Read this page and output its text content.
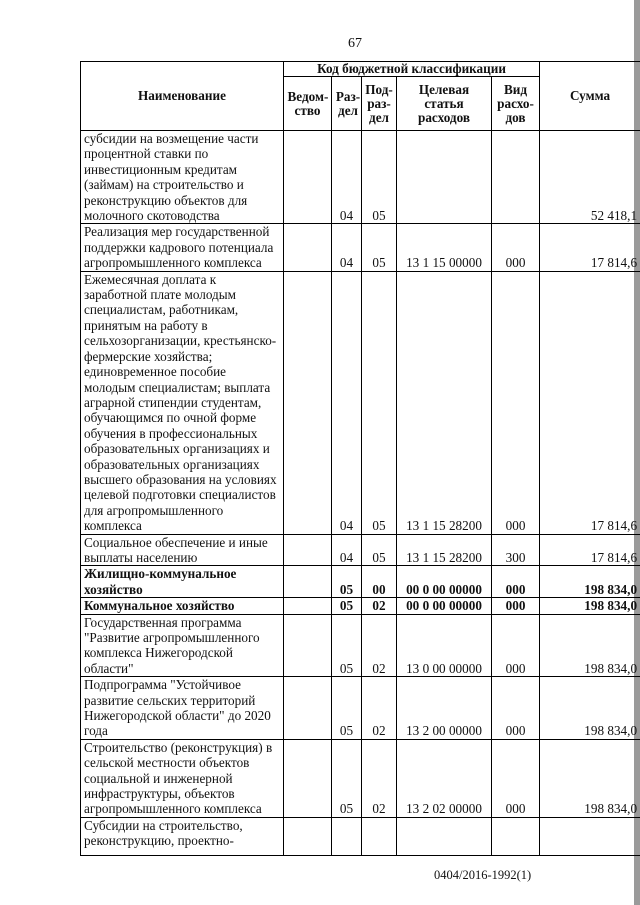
67
Наименование	Код бюджетной классификации					Сумма

	Ведом-ство	Раз-дел	Под-раз-дел	Целевая статья расходов	Вид расхо-дов	

субсидии на возмещение части процентной ставки по инвестиционным кредитам (займам) на строительство и реконструкцию объектов для молочного скотоводства		04	05			52 418,1
Реализация мер государственной поддержки кадрового потенциала агропромышленного комплекса		04	05	13 1 15 00000	000	17 814,6
Ежемесячная доплата к заработной плате молодым специалистам, работникам, принятым на работу в сельхозорганизации, крестьянско-фермерские хозяйства; единовременное пособие молодым специалистам; выплата аграрной стипендии студентам, обучающимся по очной форме обучения в профессиональных образовательных организациях и образовательных организациях высшего образования на условиях целевой подготовки специалистов для агропромышленного комплекса		04	05	13 1 15 28200	000	17 814,6
Социальное обеспечение и иные выплаты населению		04	05	13 1 15 28200	300	17 814,6
Жилищно-коммунальное хозяйство		05	00	00 0 00 00000	000	198 834,0
Коммунальное хозяйство		05	02	00 0 00 00000	000	198 834,0
Государственная программа "Развитие агропромышленного комплекса Нижегородской области"		05	02	13 0 00 00000	000	198 834,0
Подпрограмма "Устойчивое развитие сельских территорий Нижегородской области" до 2020 года		05	02	13 2 00 00000	000	198 834,0
Строительство (реконструкция) в сельской местности объектов социальной и инженерной инфраструктуры, объектов агропромышленного комплекса		05	02	13 2 02 00000	000	198 834,0
Субсидии на строительство, реконструкцию, проектно-						
0404/2016-1992(1)
